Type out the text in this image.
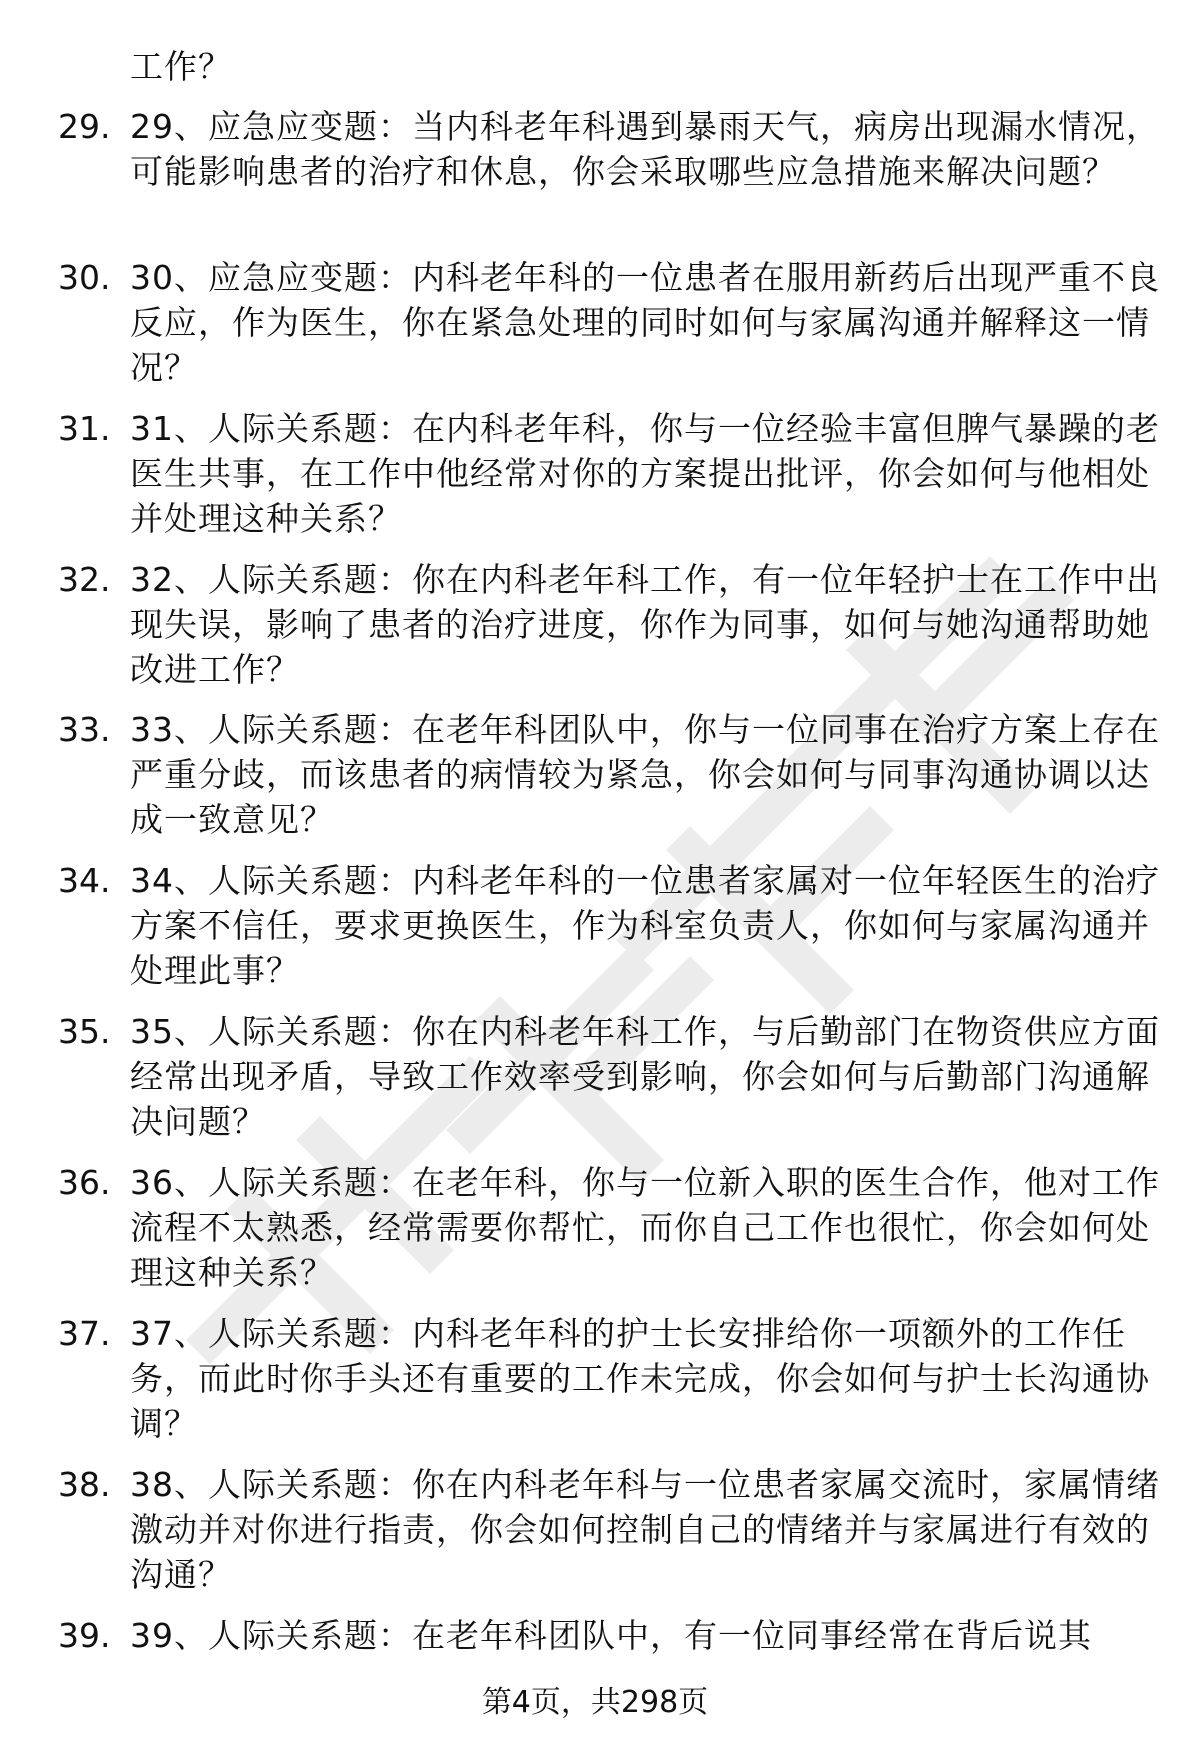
工作？
29. 29、应急应变题：当内科老年科遇到暴雨天气，病房出现漏水情况，可能影响患者的治疗和休息，你会采取哪些应急措施来解决问题？
30. 30、应急应变题：内科老年科的一位患者在服用新药后出现严重不良反应，作为医生，你在紧急处理的同时如何与家属沟通并解释这一情况？
31. 31、人际关系题：在内科老年科，你与一位经验丰富但脾气暴躁的老医生共事，在工作中他经常对你的方案提出批评，你会如何与他相处并处理这种关系？
32. 32、人际关系题：你在内科老年科工作，有一位年轻护士在工作中出现失误，影响了患者的治疗进度，你作为同事，如何与她沟通帮助她改进工作？
33. 33、人际关系题：在老年科团队中，你与一位同事在治疗方案上存在严重分歧，而该患者的病情较为紧急，你会如何与同事沟通协调以达成一致意见？
34. 34、人际关系题：内科老年科的一位患者家属对一位年轻医生的治疗方案不信任，要求更换医生，作为科室负责人，你如何与家属沟通并处理此事？
35. 35、人际关系题：你在内科老年科工作，与后勤部门在物资供应方面经常出现矛盾，导致工作效率受到影响，你会如何与后勤部门沟通解决问题？
36. 36、人际关系题：在老年科，你与一位新入职的医生合作，他对工作流程不太熟悉，经常需要你帮忙，而你自己工作也很忙，你会如何处理这种关系？
37. 37、人际关系题：内科老年科的护士长安排给你一项额外的工作任务，而此时你手头还有重要的工作未完成，你会如何与护士长沟通协调？
38. 38、人际关系题：你在内科老年科与一位患者家属交流时，家属情绪激动并对你进行指责，你会如何控制自己的情绪并与家属进行有效的沟通？
39. 39、人际关系题：在老年科团队中，有一位同事经常在背后说其
第4页，共298页
